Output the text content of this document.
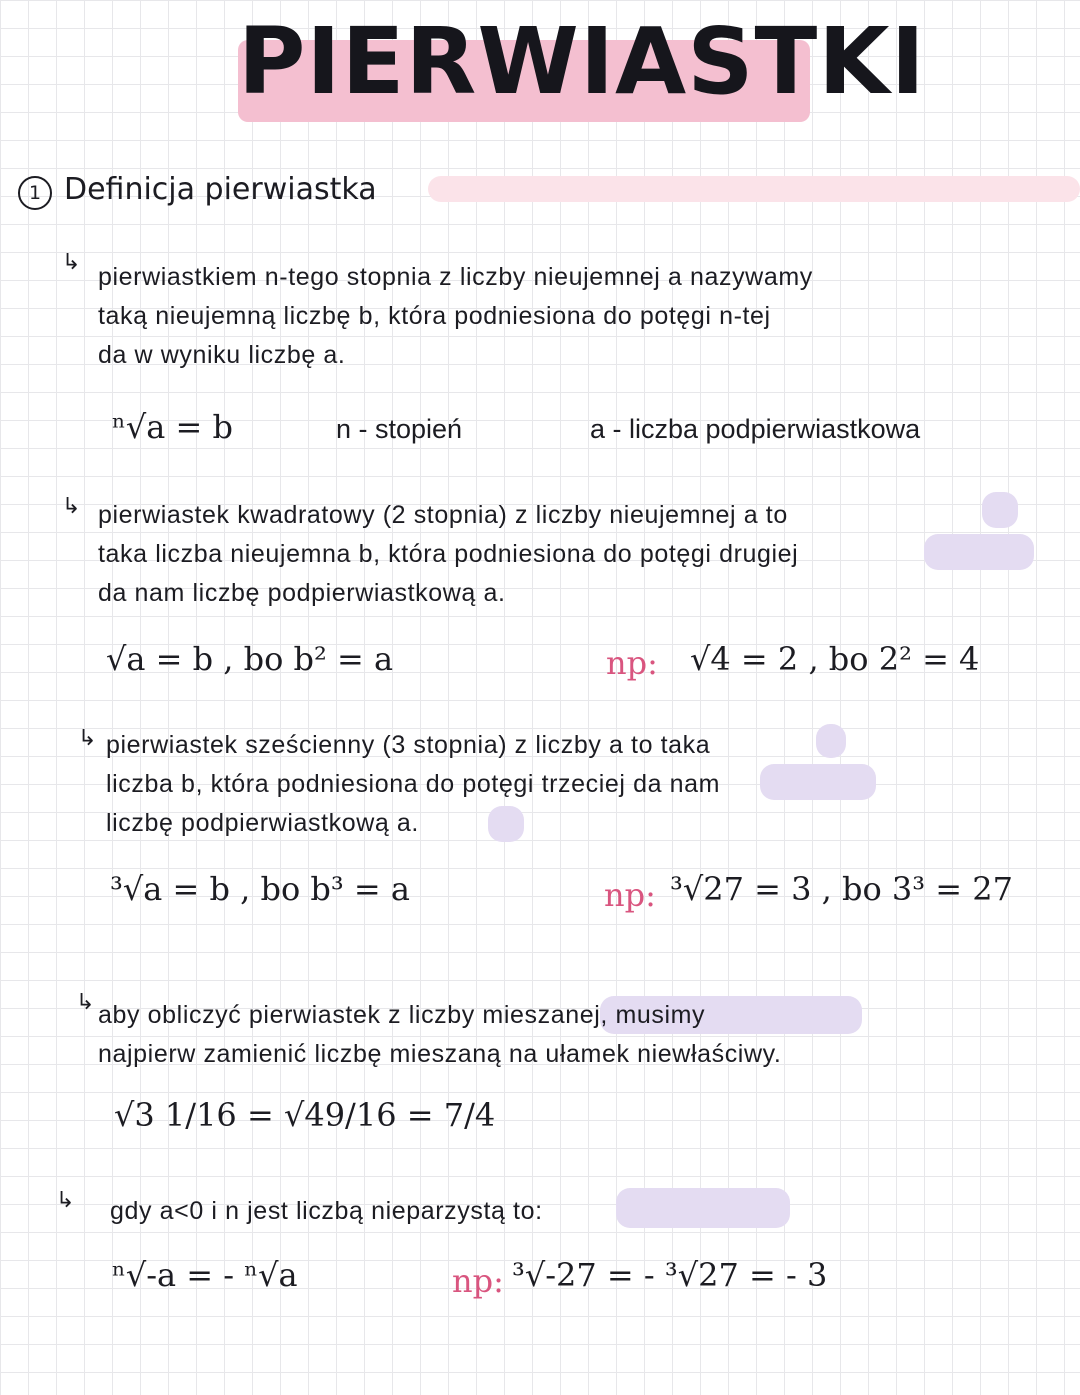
PIERWIASTKI
1 Definicja pierwiastka
↳

pierwiastkiem n-tego stopnia z liczby nieujemnej a nazywamy
taką nieujemną liczbę b, która podniesiona do potęgi n-tej
da w wyniku liczbę a.

ⁿ√a = b	n - stopień	a - liczba podpierwiastkowa
↳ pierwiastek kwadratowy (2 stopnia) z liczby nieujemnej a to
taka liczba nieujemna b, która podniesiona do potęgi drugiej
da nam liczbę podpierwiastkową a.

√a = b , bo b² = a	np: √4 = 2 , bo 2² = 4
↳ pierwiastek sześcienny (3 stopnia) z liczby a to taka
liczba b, która podniesiona do potęgi trzeciej da nam
liczbę podpierwiastkową a.

³√a = b , bo b³ = a	np: ³√27 = 3 , bo 3³ = 27
↳ aby obliczyć pierwiastek z liczby mieszanej, musimy
najpierw zamienić liczbę mieszaną na ułamek niewłaściwy.

√3 1/16 = √49/16 = 7/4
↳ gdy a<0 i n jest liczbą nieparzystą to:

ⁿ√-a = - ⁿ√a	np: ³√-27 = - ³√27 = - 3
